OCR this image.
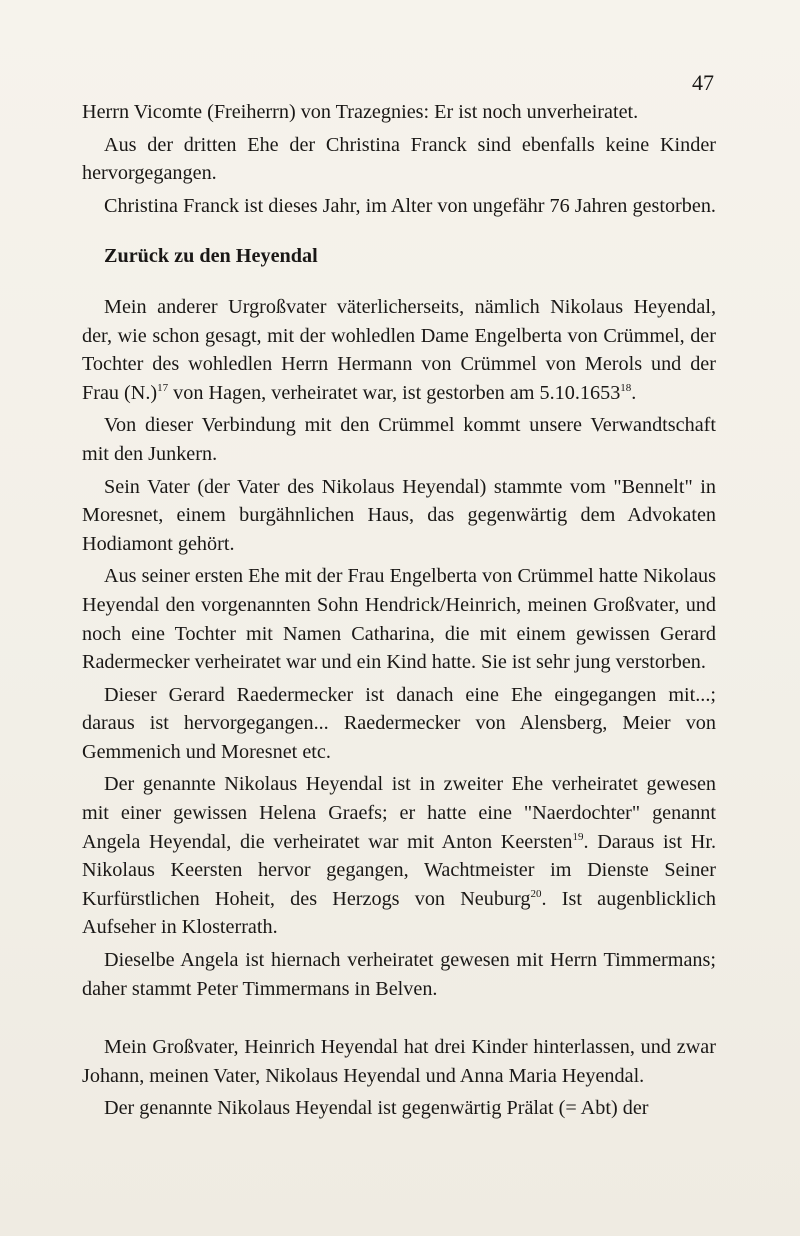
47

Herrn Vicomte (Freiherrn) von Trazegnies: Er ist noch unverheiratet.

Aus der dritten Ehe der Christina Franck sind ebenfalls keine Kinder hervorgegangen.

Christina Franck ist dieses Jahr, im Alter von ungefähr 76 Jahren gestorben.

Zurück zu den Heyendal

Mein anderer Urgroßvater väterlicherseits, nämlich Nikolaus Heyendal, der, wie schon gesagt, mit der wohledlen Dame Engelberta von Crümmel, der Tochter des wohledlen Herrn Hermann von Crümmel von Merols und der Frau $(N.)^{17}$ von Hagen, verheiratet war, ist gestorben am 5.10.1653$^{18}$.

Von dieser Verbindung mit den Crümmel kommt unsere Verwandtschaft mit den Junkern.

Sein Vater (der Vater des Nikolaus Heyendal) stammte vom "Bennelt" in Moresnet, einem burgähnlichen Haus, das gegenwärtig dem Advokaten Hodiamont gehört.

Aus seiner ersten Ehe mit der Frau Engelberta von Crümmel hatte Nikolaus Heyendal den vorgenannten Sohn Hendrick/Heinrich, meinen Großvater, und noch eine Tochter mit Namen Catharina, die mit einem gewissen Gerard Radermecker verheiratet war und ein Kind hatte. Sie ist sehr jung verstorben.

Dieser Gerard Raedermecker ist danach eine Ehe eingegangen mit...; daraus ist hervorgegangen... Raedermecker von Alensberg, Meier von Gemmenich und Moresnet etc.

Der genannte Nikolaus Heyendal ist in zweiter Ehe verheiratet gewesen mit einer gewissen Helena Graefs; er hatte eine "Naerdochter" genannt Angela Heyendal, die verheiratet war mit Anton Keersten$^{19}$. Daraus ist Hr. Nikolaus Keersten hervor gegangen, Wachtmeister im Dienste Seiner Kurfürstlichen Hoheit, des Herzogs von Neuburg$^{20}$. Ist augenblicklich Aufseher in Klosterrath.

Dieselbe Angela ist hiernach verheiratet gewesen mit Herrn Timmermans; daher stammt Peter Timmermans in Belven.

Mein Großvater, Heinrich Heyendal hat drei Kinder hinterlassen, und zwar Johann, meinen Vater, Nikolaus Heyendal und Anna Maria Heyendal.

Der genannte Nikolaus Heyendal ist gegenwärtig Prälat (= Abt) der
